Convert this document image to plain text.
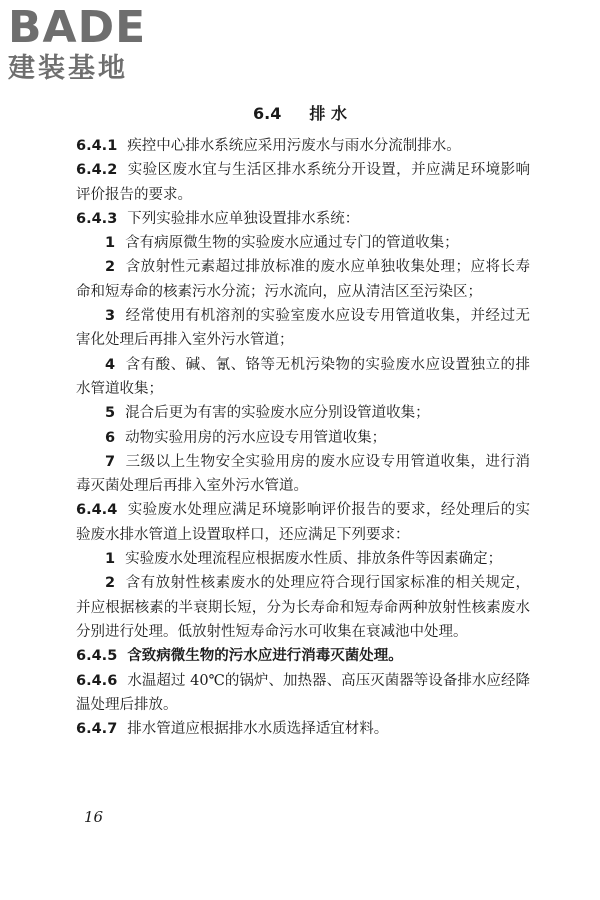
BADE
建装基地
6.4 排 水

6.4.1 疾控中心排水系统应采用污废水与雨水分流制排水。

6.4.2 实验区废水宜与生活区排水系统分开设置，并应满足环境影响评价报告的要求。

6.4.3 下列实验排水应单独设置排水系统：

1 含有病原微生物的实验废水应通过专门的管道收集；

2 含放射性元素超过排放标准的废水应单独收集处理；应将长寿命和短寿命的核素污水分流；污水流向，应从清洁区至污染区；

3 经常使用有机溶剂的实验室废水应设专用管道收集，并经过无害化处理后再排入室外污水管道；

4 含有酸、碱、氰、铬等无机污染物的实验废水应设置独立的排水管道收集；

5 混合后更为有害的实验废水应分别设管道收集；

6 动物实验用房的污水应设专用管道收集；

7 三级以上生物安全实验用房的废水应设专用管道收集，进行消毒灭菌处理后再排入室外污水管道。

6.4.4 实验废水处理应满足环境影响评价报告的要求，经处理后的实验废水排水管道上设置取样口，还应满足下列要求：

1 实验废水处理流程应根据废水性质、排放条件等因素确定；

2 含有放射性核素废水的处理应符合现行国家标准的相关规定，并应根据核素的半衰期长短，分为长寿命和短寿命两种放射性核素废水分别进行处理。低放射性短寿命污水可收集在衰减池中处理。

6.4.5 含致病微生物的污水应进行消毒灭菌处理。

6.4.6 水温超过 40℃的锅炉、加热器、高压灭菌器等设备排水应经降温处理后排放。

6.4.7 排水管道应根据排水水质选择适宜材料。

16
